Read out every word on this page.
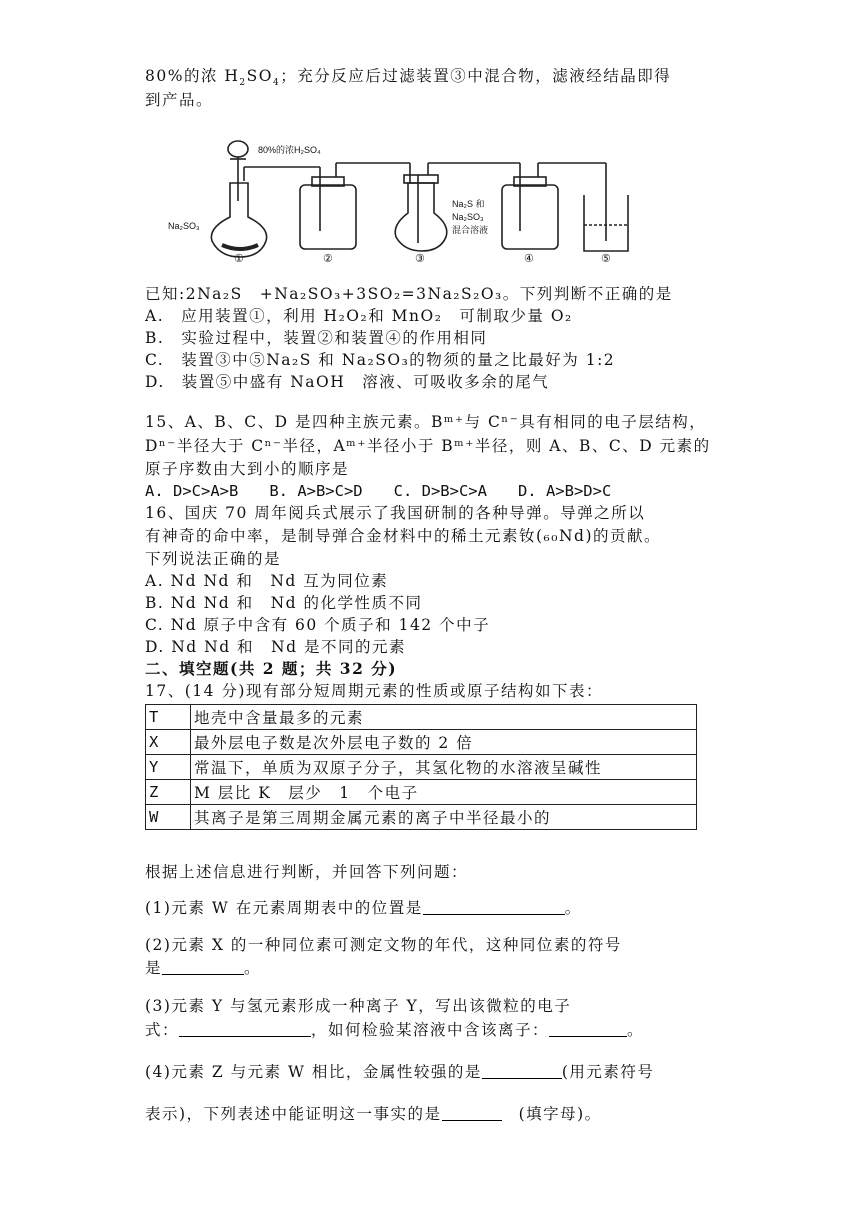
80%的浓 $H_2SO_4$；充分反应后过滤装置③中混合物，滤液经结晶即得
到产品。
80%的浓H₂SO₄
Na₂SO₃
Na₂S 和
Na₂SO₃
混合溶液
①	②	③	④	⑤
已知:2Na₂S　+Na₂SO₃+3SO₂=3Na₂S₂O₃。下列判断不正确的是
A.　应用装置①，利用 H₂O₂和 MnO₂　可制取少量 O₂
B.　实验过程中，装置②和装置④的作用相同
C.　装置③中⑤Na₂S 和 Na₂SO₃的物须的量之比最好为 1:2
D.　装置⑤中盛有 NaOH　溶液、可吸收多余的尾气
15、A、B、C、D 是四种主族元素。Bᵐ⁺与 Cⁿ⁻具有相同的电子层结构，
Dⁿ⁻半径大于 Cⁿ⁻半径，Aᵐ⁺半径小于 Bᵐ⁺半径，则 A、B、C、D 元素的
原子序数由大到小的顺序是
A. D>C>A>B　　B. A>B>C>D　　C. D>B>C>A　　D. A>B>D>C
16、国庆 70 周年阅兵式展示了我国研制的各种导弹。导弹之所以
有神奇的命中率，是制导弹合金材料中的稀土元素钕(₆₀Nd)的贡献。
下列说法正确的是
A. Nd Nd 和　Nd 互为同位素
B. Nd Nd 和　Nd 的化学性质不同
C. Nd 原子中含有 60 个质子和 142 个中子
D. Nd Nd 和　Nd 是不同的元素
二、填空题(共 2 题；共 32 分)
17、(14 分)现有部分短周期元素的性质或原子结构如下表：
T	地壳中含量最多的元素
X	最外层电子数是次外层电子数的 2 倍
Y	常温下，单质为双原子分子，其氢化物的水溶液呈碱性
Z	M 层比 K　层少　1　个电子
W	其离子是第三周期金属元素的离子中半径最小的
根据上述信息进行判断，并回答下列问题：
(1)元素 W 在元素周期表中的位置是	。
(2)元素 X 的一种同位素可测定文物的年代，这种同位素的符号
是	。
(3)元素 Y 与氢元素形成一种离子 Y，写出该微粒的电子
式：	，如何检验某溶液中含该离子：	。
(4)元素 Z 与元素 W 相比，金属性较强的是	(用元素符号
表示)，下列表述中能证明这一事实的是	　(填字母)。
